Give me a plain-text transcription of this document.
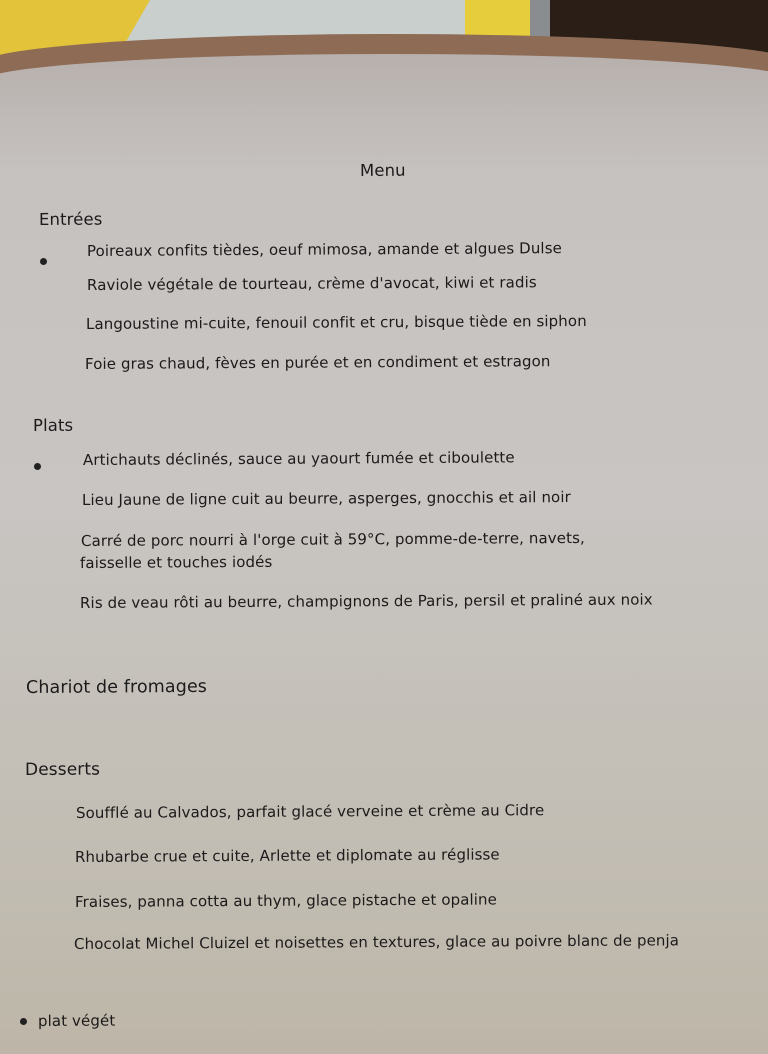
Menu
Entrées
Poireaux confits tièdes, oeuf mimosa, amande et algues Dulse
Raviole végétale de tourteau, crème d'avocat, kiwi et radis
Langoustine mi-cuite, fenouil confit et cru, bisque tiède en siphon
Foie gras chaud, fèves en purée et en condiment et estragon
Plats
Artichauts déclinés, sauce au yaourt fumée et ciboulette
Lieu Jaune de ligne cuit au beurre, asperges, gnocchis et ail noir
Carré de porc nourri à l'orge cuit à 59°C, pomme-de-terre, navets,
faisselle et touches iodés
Ris de veau rôti au beurre, champignons de Paris, persil et praliné aux noix
Chariot de fromages
Desserts
Soufflé au Calvados, parfait glacé verveine et crème au Cidre
Rhubarbe crue et cuite, Arlette et diplomate au réglisse
Fraises, panna cotta au thym, glace pistache et opaline
Chocolat Michel Cluizel et noisettes en textures, glace au poivre blanc de penja
plat végét
